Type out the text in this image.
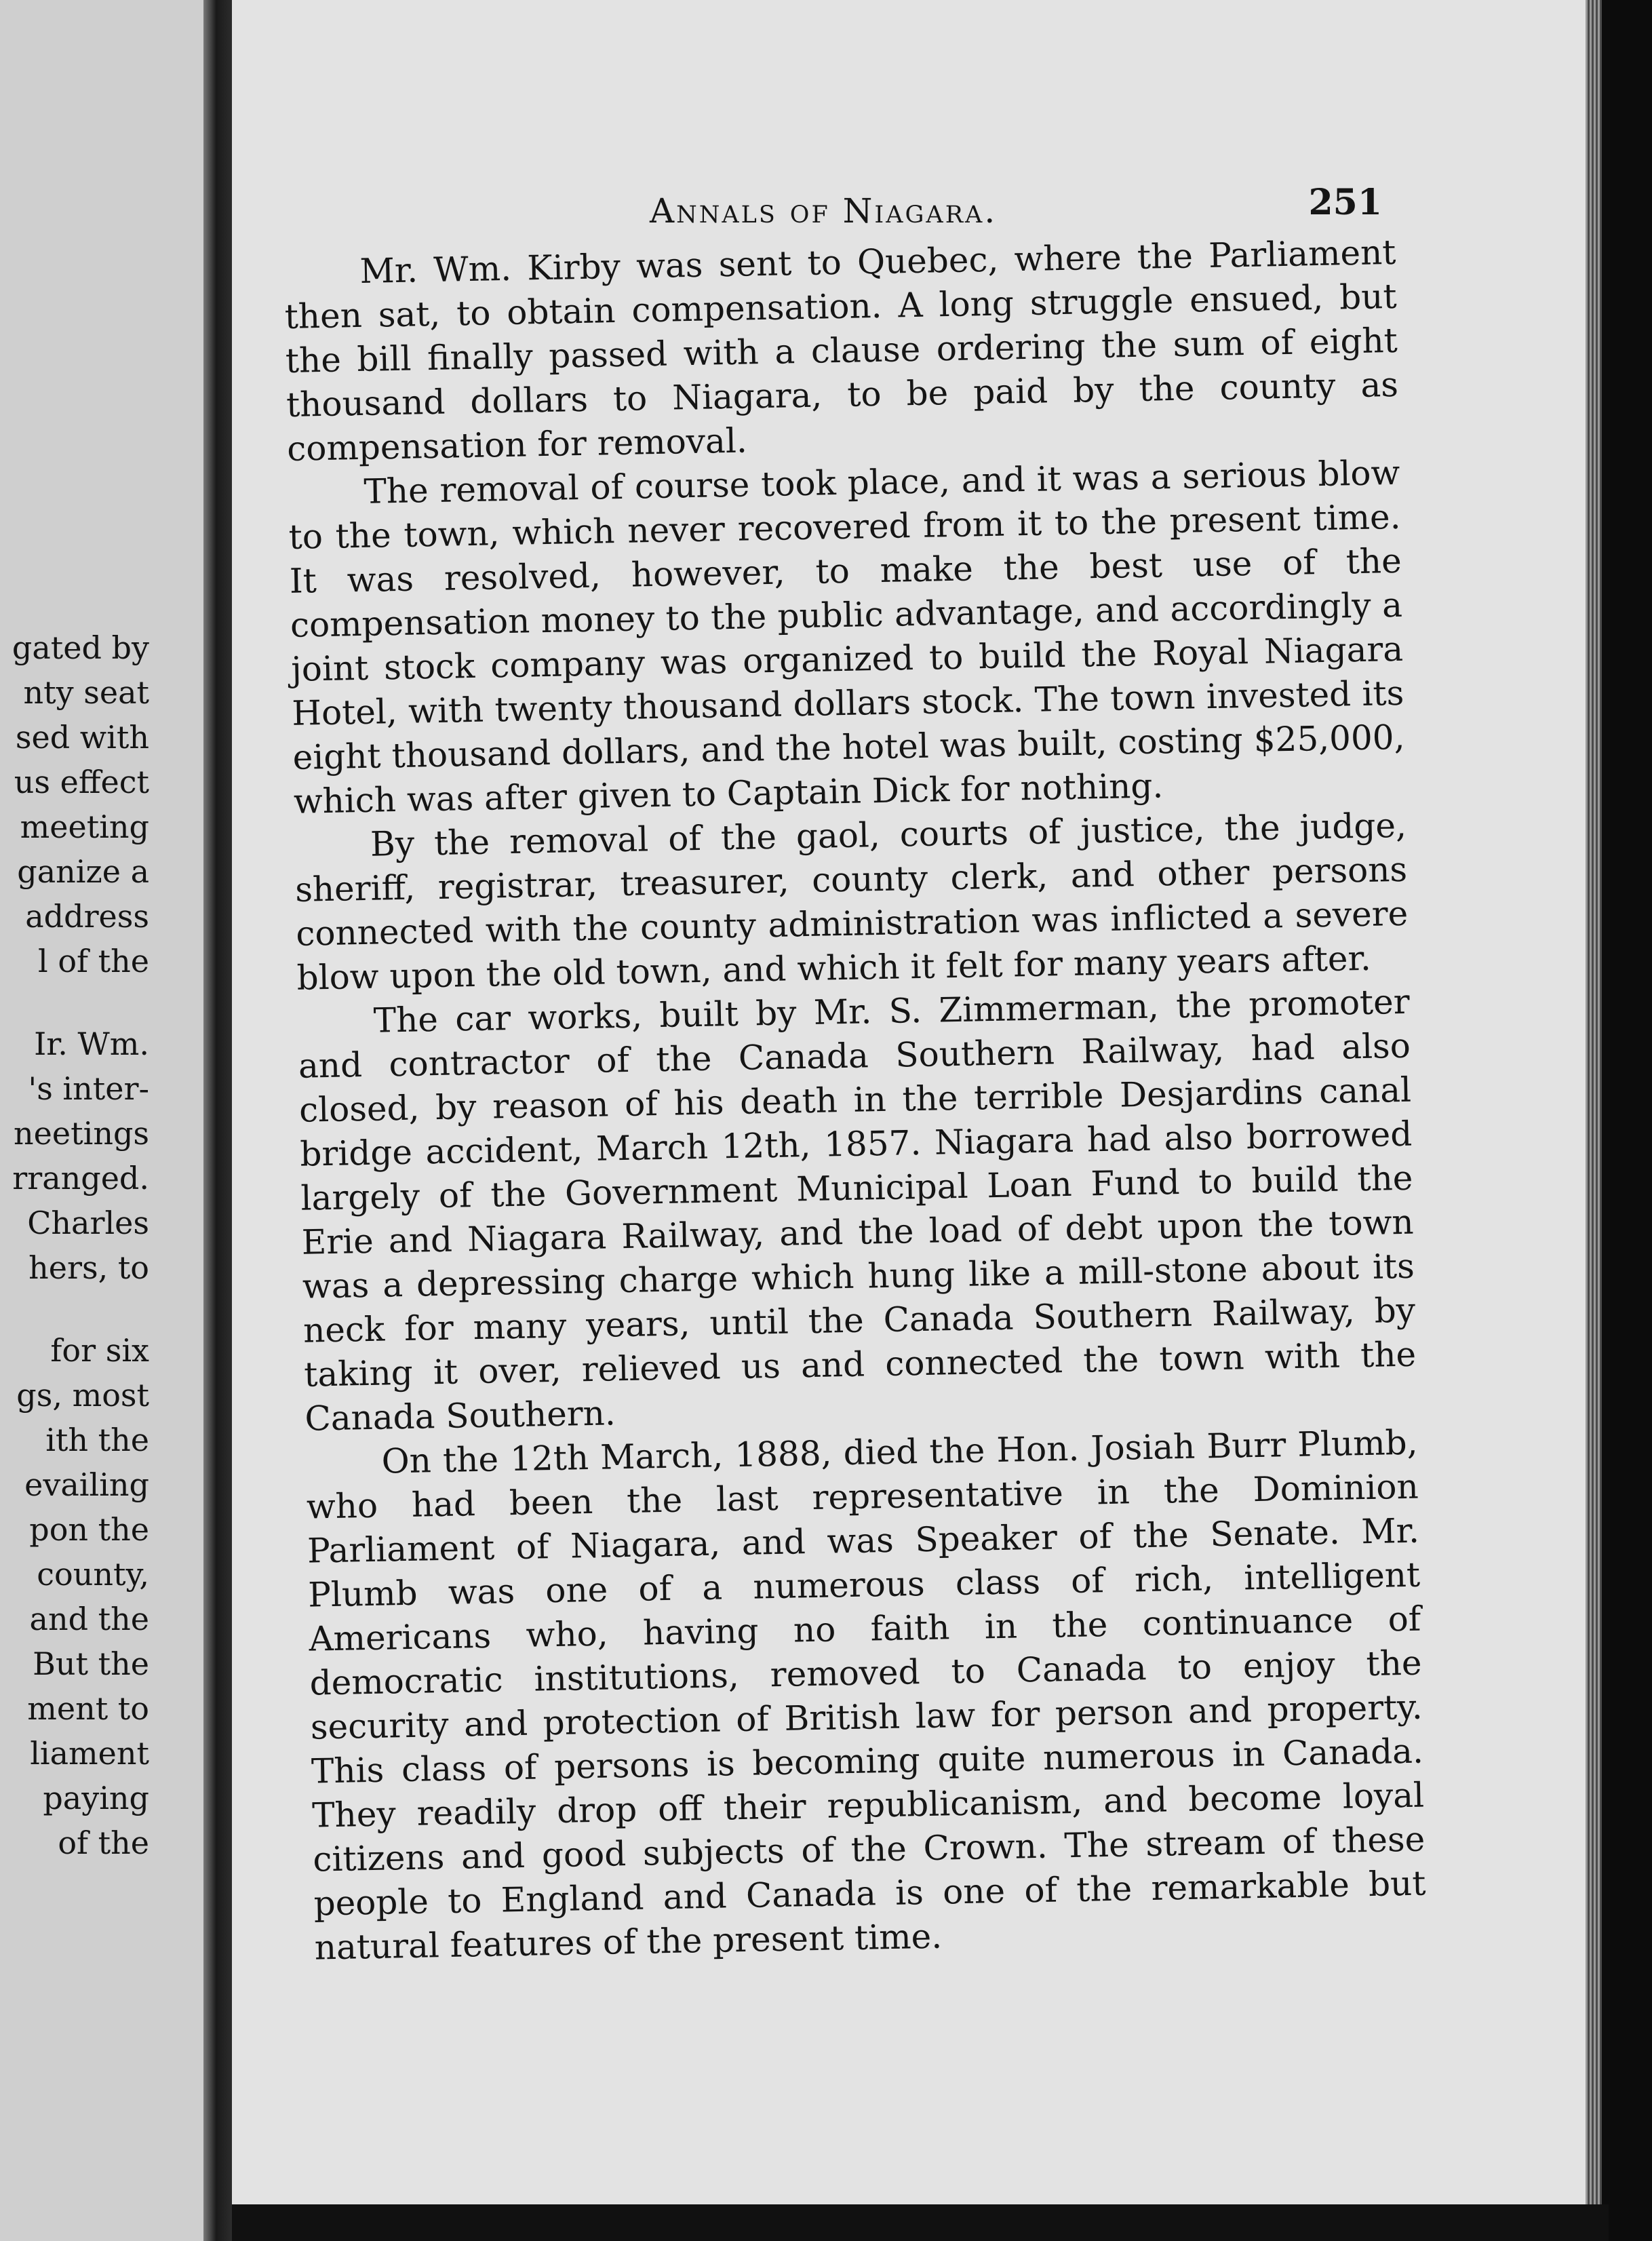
gated by
nty seat
sed with
us effect
meeting
ganize a
address
l of the
Ir. Wm.
's inter-
neetings
rranged.
Charles
hers, to
for six
gs, most
ith the
evailing
pon the
county,
and the
But the
ment to
liament
paying
of the
Annals of Niagara.	251

Mr. Wm. Kirby was sent to Quebec, where the Parliament then sat, to obtain compensation. A long struggle ensued, but the bill finally passed with a clause ordering the sum of eight thousand dollars to Niagara, to be paid by the county as compensation for removal.

The removal of course took place, and it was a serious blow to the town, which never recovered from it to the present time. It was resolved, however, to make the best use of the compensation money to the public advantage, and accordingly a joint stock company was organized to build the Royal Niagara Hotel, with twenty thousand dollars stock. The town invested its eight thousand dollars, and the hotel was built, costing $25,000, which was after given to Captain Dick for nothing.

By the removal of the gaol, courts of justice, the judge, sheriff, registrar, treasurer, county clerk, and other persons connected with the county administration was inflicted a severe blow upon the old town, and which it felt for many years after.

The car works, built by Mr. S. Zimmerman, the promoter and contractor of the Canada Southern Railway, had also closed, by reason of his death in the terrible Desjardins canal bridge accident, March 12th, 1857. Niagara had also borrowed largely of the Government Municipal Loan Fund to build the Erie and Niagara Railway, and the load of debt upon the town was a depressing charge which hung like a mill-stone about its neck for many years, until the Canada Southern Railway, by taking it over, relieved us and connected the town with the Canada Southern.

On the 12th March, 1888, died the Hon. Josiah Burr Plumb, who had been the last representative in the Dominion Parliament of Niagara, and was Speaker of the Senate. Mr. Plumb was one of a numerous class of rich, intelligent Americans who, having no faith in the continuance of democratic institutions, removed to Canada to enjoy the security and protection of British law for person and property. This class of persons is becoming quite numerous in Canada. They readily drop off their republicanism, and become loyal citizens and good subjects of the Crown. The stream of these people to England and Canada is one of the remarkable but natural features of the present time.
